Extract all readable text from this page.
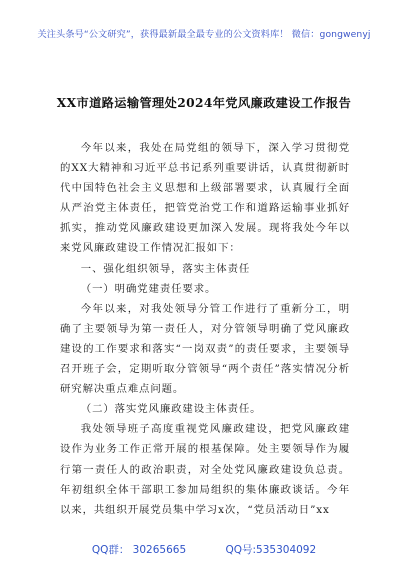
关注头条号“公文研究”，获得最新最全最专业的公文资料库！ 微信：gongwenyj
XX市道路运输管理处2024年党风廉政建设工作报告

今年以来，我处在局党组的领导下，深入学习贯彻党的XX大精神和习近平总书记系列重要讲话，认真贯彻新时代中国特色社会主义思想和上级部署要求，认真履行全面从严治党主体责任，把管党治党工作和道路运输事业抓好抓实，推动党风廉政建设更加深入发展。现将我处今年以来党风廉政建设工作情况汇报如下：

一、强化组织领导，落实主体责任

（一）明确党建责任要求。

今年以来，对我处领导分管工作进行了重新分工，明确了主要领导为第一责任人，对分管领导明确了党风廉政建设的工作要求和落实“一岗双责”的责任要求，主要领导召开班子会，定期听取分管领导“两个责任”落实情况分析研究解决重点难点问题。

（二）落实党风廉政建设主体责任。

我处领导班子高度重视党风廉政建设，把党风廉政建设作为业务工作正常开展的根基保障。处主要领导作为履行第一责任人的政治职责，对全处党风廉政建设负总责。年初组织全体干部职工参加局组织的集体廉政谈话。今年以来，共组织开展党员集中学习x次，“党员活动日”xx

QQ群： 30265665	QQ号:535304092
